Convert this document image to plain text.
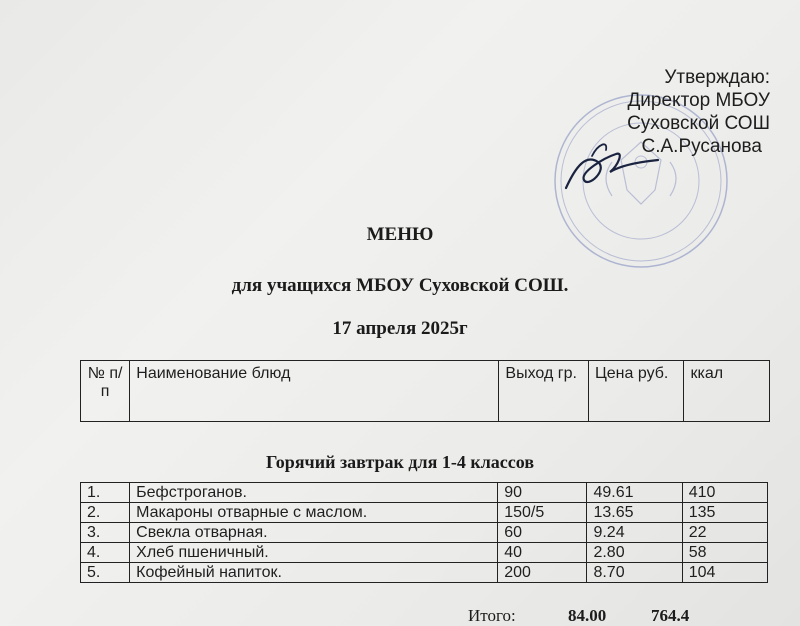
Утверждаю:
Директор МБОУ
Суховской СОШ
С.А.Русанова
МЕНЮ
для учащихся МБОУ Суховской СОШ.
17 апреля 2025г
№ п/п	Наименование блюд	Выход гр.	Цена руб.	ккал
Горячий завтрак для 1-4 классов
1.	Бефстроганов.	90	49.61	410
2.	Макароны отварные с маслом.	150/5	13.65	135
3.	Свекла отварная.	60	9.24	22
4.	Хлеб пшеничный.	40	2.80	58
5.	Кофейный напиток.	200	8.70	104
Итого:	84.00	764.4
